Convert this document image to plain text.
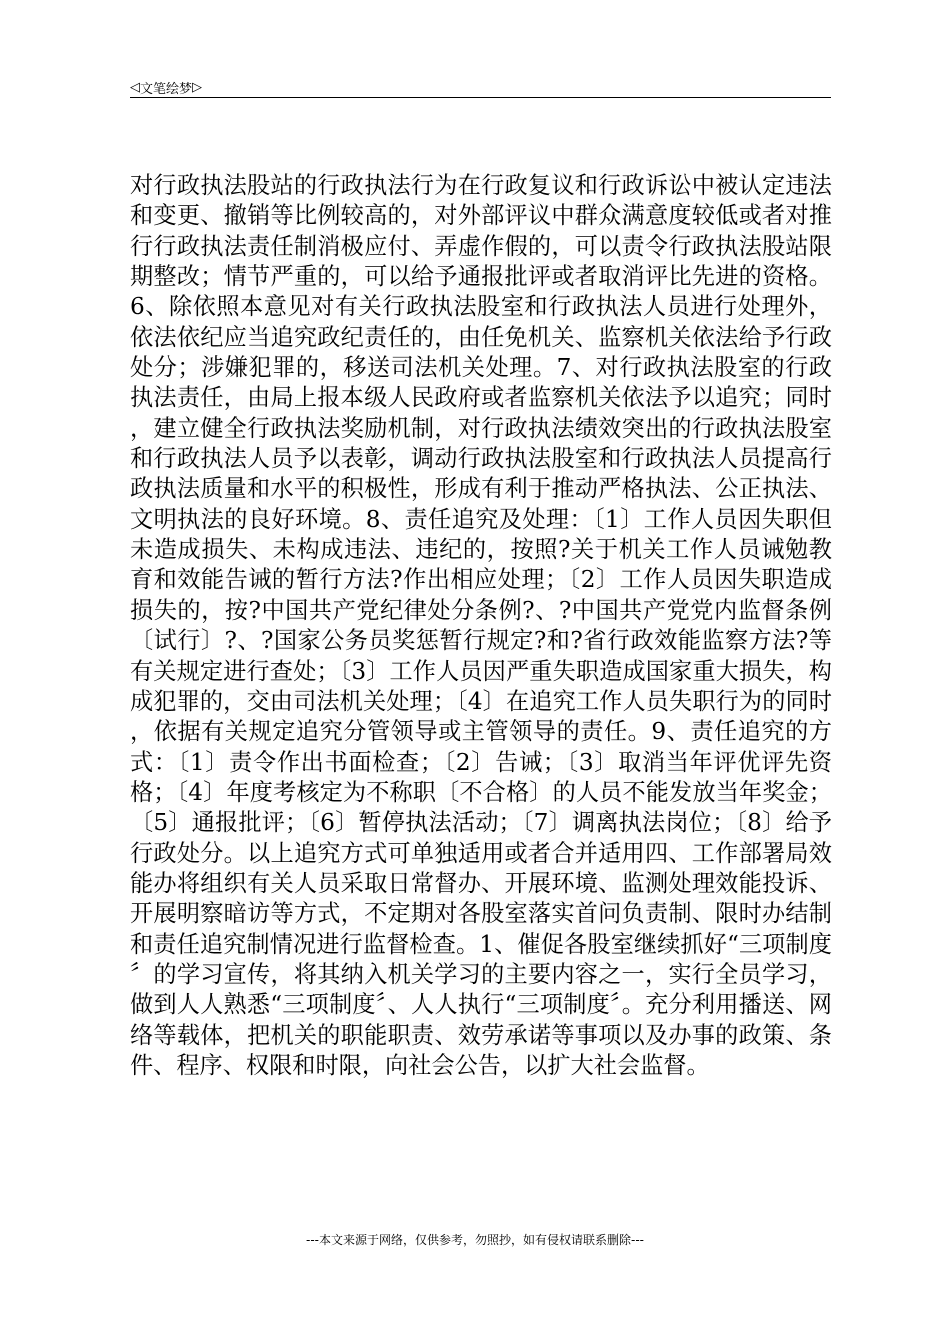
◁ 文笔绘梦 ▷

对行政执法股站的行政执法行为在行政复议和行政诉讼中被认定违法和变更、撤销等比例较高的，对外部评议中群众满意度较低或者对推行行政执法责任制消极应付、弄虚作假的，可以责令行政执法股站限期整改；情节严重的，可以给予通报批评或者取消评比先进的资格。6、除依照本意见对有关行政执法股室和行政执法人员进行处理外，依法依纪应当追究政纪责任的，由任免机关、监察机关依法给予行政处分；涉嫌犯罪的，移送司法机关处理。7、对行政执法股室的行政执法责任，由局上报本级人民政府或者监察机关依法予以追究；同时，建立健全行政执法奖励机制，对行政执法绩效突出的行政执法股室和行政执法人员予以表彰，调动行政执法股室和行政执法人员提高行政执法质量和水平的积极性，形成有利于推动严格执法、公正执法、文明执法的良好环境。8、责任追究及处理：〔1〕工作人员因失职但未造成损失、未构成违法、违纪的，按照?关于机关工作人员诫勉教育和效能告诫的暂行方法?作出相应处理；〔2〕工作人员因失职造成损失的，按?中国共产党纪律处分条例?、?中国共产党党内监督条例〔试行〕?、?国家公务员奖惩暂行规定?和?省行政效能监察方法?等有关规定进行查处；〔3〕工作人员因严重失职造成国家重大损失，构成犯罪的，交由司法机关处理；〔4〕在追究工作人员失职行为的同时，依据有关规定追究分管领导或主管领导的责任。9、责任追究的方式：〔1〕责令作出书面检查；〔2〕告诫；〔3〕取消当年评优评先资格；〔4〕年度考核定为不称职〔不合格〕的人员不能发放当年奖金；〔5〕通报批评；〔6〕暂停执法活动；〔7〕调离执法岗位；〔8〕给予行政处分。以上追究方式可单独适用或者合并适用四、工作部署局效能办将组织有关人员采取日常督办、开展环境、监测处理效能投诉、开展明察暗访等方式，不定期对各股室落实首问负责制、限时办结制和责任追究制情况进行监督检查。1、催促各股室继续抓好“三项制度〞的学习宣传，将其纳入机关学习的主要内容之一，实行全员学习，做到人人熟悉“三项制度〞、人人执行“三项制度〞。充分利用播送、网络等载体，把机关的职能职责、效劳承诺等事项以及办事的政策、条件、程序、权限和时限，向社会公告，以扩大社会监督。

---本文来源于网络，仅供参考，勿照抄，如有侵权请联系删除---
